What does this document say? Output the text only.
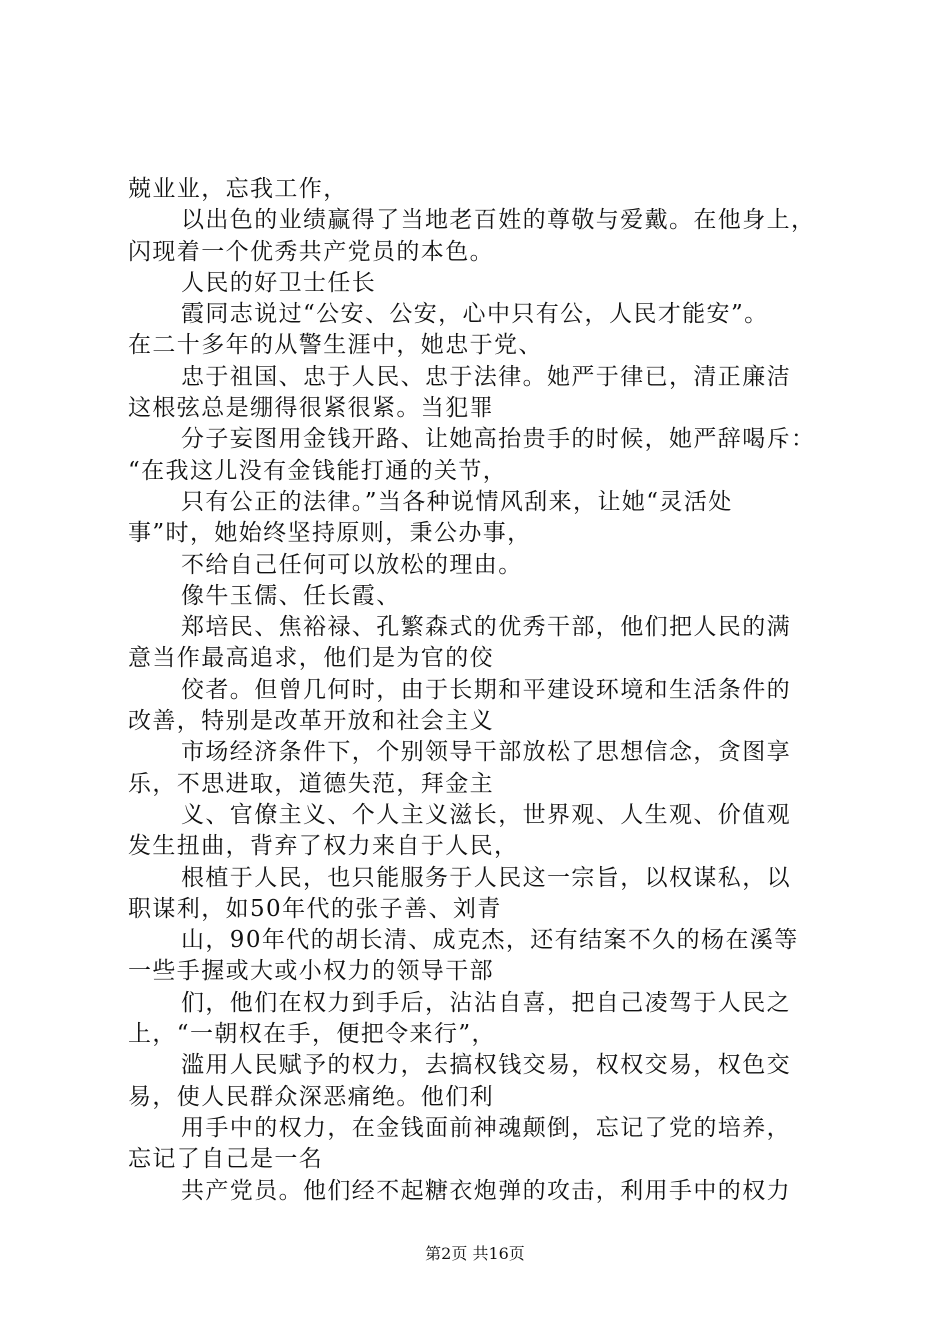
兢业业，忘我工作，
以出色的业绩赢得了当地老百姓的尊敬与爱戴。在他身上，
闪现着一个优秀共产党员的本色。
人民的好卫士任长
霞同志说过“公安、公安，心中只有公，人民才能安”。
在二十多年的从警生涯中，她忠于党、
忠于祖国、忠于人民、忠于法律。她严于律已，清正廉洁
这根弦总是绷得很紧很紧。当犯罪
分子妄图用金钱开路、让她高抬贵手的时候，她严辞喝斥：
“在我这儿没有金钱能打通的关节，
只有公正的法律。”当各种说情风刮来，让她“灵活处
事”时，她始终坚持原则，秉公办事，
不给自己任何可以放松的理由。
像牛玉儒、任长霞、
郑培民、焦裕禄、孔繁森式的优秀干部，他们把人民的满
意当作最高追求，他们是为官的佼
佼者。但曾几何时，由于长期和平建设环境和生活条件的
改善，特别是改革开放和社会主义
市场经济条件下，个别领导干部放松了思想信念，贪图享
乐，不思进取，道德失范，拜金主
义、官僚主义、个人主义滋长，世界观、人生观、价值观
发生扭曲，背弃了权力来自于人民，
根植于人民，也只能服务于人民这一宗旨，以权谋私，以
职谋利，如50年代的张子善、刘青
山，90年代的胡长清、成克杰，还有结案不久的杨在溪等
一些手握或大或小权力的领导干部
们，他们在权力到手后，沾沾自喜，把自己凌驾于人民之
上，“一朝权在手，便把令来行”，
滥用人民赋予的权力，去搞权钱交易，权权交易，权色交
易，使人民群众深恶痛绝。他们利
用手中的权力，在金钱面前神魂颠倒，忘记了党的培养，
忘记了自己是一名
共产党员。他们经不起糖衣炮弹的攻击，利用手中的权力
第2页 共16页
